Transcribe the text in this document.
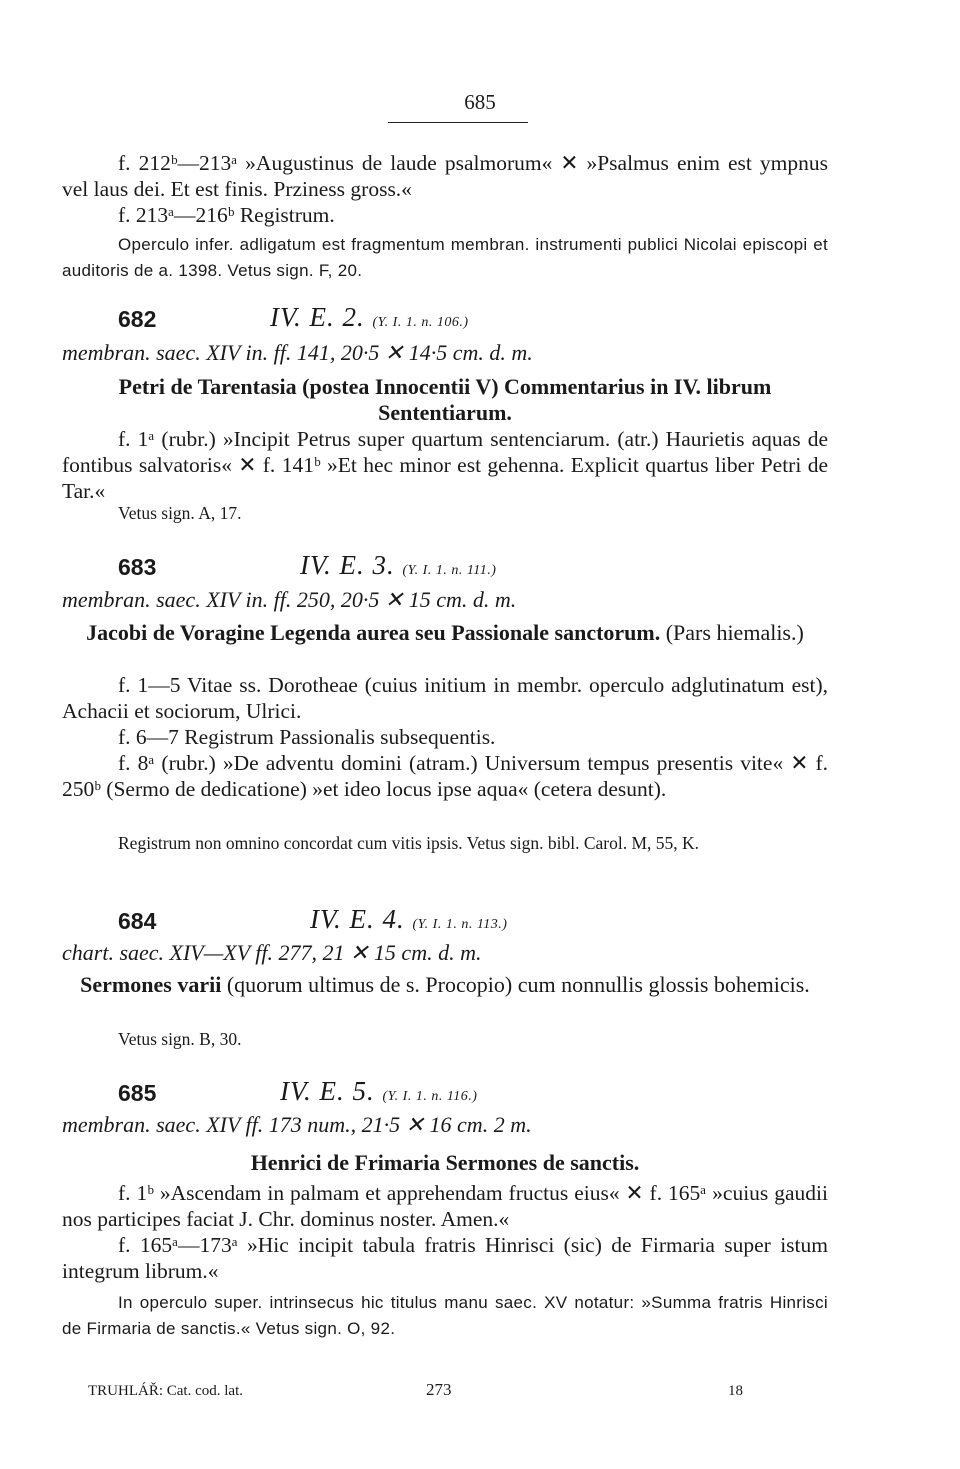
685

f. 212ᵇ—213ᵃ »Augustinus de laude psalmorum« ✕ »Psalmus enim est ympnus vel laus dei. Et est finis. Prziness gross.«

f. 213ᵃ—216ᵇ Registrum.

Operculo infer. adligatum est fragmentum membran. instrumenti publici Nicolai episcopi et auditoris de a. 1398. Vetus sign. F, 20.

682	IV. E. 2. (Y. I. 1. n. 106.)
membran. saec. XIV in. ff. 141, 20·5 ✕ 14·5 cm. d. m.
Petri de Tarentasia (postea Innocentii V) Commentarius in IV. librum Sententiarum.

f. 1ᵃ (rubr.) »Incipit Petrus super quartum sentenciarum. (atr.) Haurietis aquas de fontibus salvatoris« ✕ f. 141ᵇ »Et hec minor est gehenna. Explicit quartus liber Petri de Tar.«

Vetus sign. A, 17.

683	IV. E. 3. (Y. I. 1. n. 111.)
membran. saec. XIV in. ff. 250, 20·5 ✕ 15 cm. d. m.
Jacobi de Voragine Legenda aurea seu Passionale sanctorum. (Pars hiemalis.)

f. 1—5 Vitae ss. Dorotheae (cuius initium in membr. operculo adglutinatum est), Achacii et sociorum, Ulrici.

f. 6—7 Registrum Passionalis subsequentis.

f. 8ᵃ (rubr.) »De adventu domini (atram.) Universum tempus presentis vite« ✕ f. 250ᵇ (Sermo de dedicatione) »et ideo locus ipse aqua« (cetera desunt).

Registrum non omnino concordat cum vitis ipsis. Vetus sign. bibl. Carol. M, 55, K.

684	IV. E. 4. (Y. I. 1. n. 113.)
chart. saec. XIV—XV ff. 277, 21 ✕ 15 cm. d. m.
Sermones varii (quorum ultimus de s. Procopio) cum nonnullis glossis bohemicis.

Vetus sign. B, 30.

685	IV. E. 5. (Y. I. 1. n. 116.)
membran. saec. XIV ff. 173 num., 21·5 ✕ 16 cm. 2 m.
Henrici de Frimaria Sermones de sanctis.

f. 1ᵇ »Ascendam in palmam et apprehendam fructus eius« ✕ f. 165ᵃ »cuius gaudii nos participes faciat J. Chr. dominus noster. Amen.«

f. 165ᵃ—173ᵃ »Hic incipit tabula fratris Hinrisci (sic) de Firmaria super istum integrum librum.«

In operculo super. intrinsecus hic titulus manu saec. XV notatur: »Summa fratris Hinrisci de Firmaria de sanctis.« Vetus sign. O, 92.

TRUHLÁŘ: Cat. cod. lat.	273	18
